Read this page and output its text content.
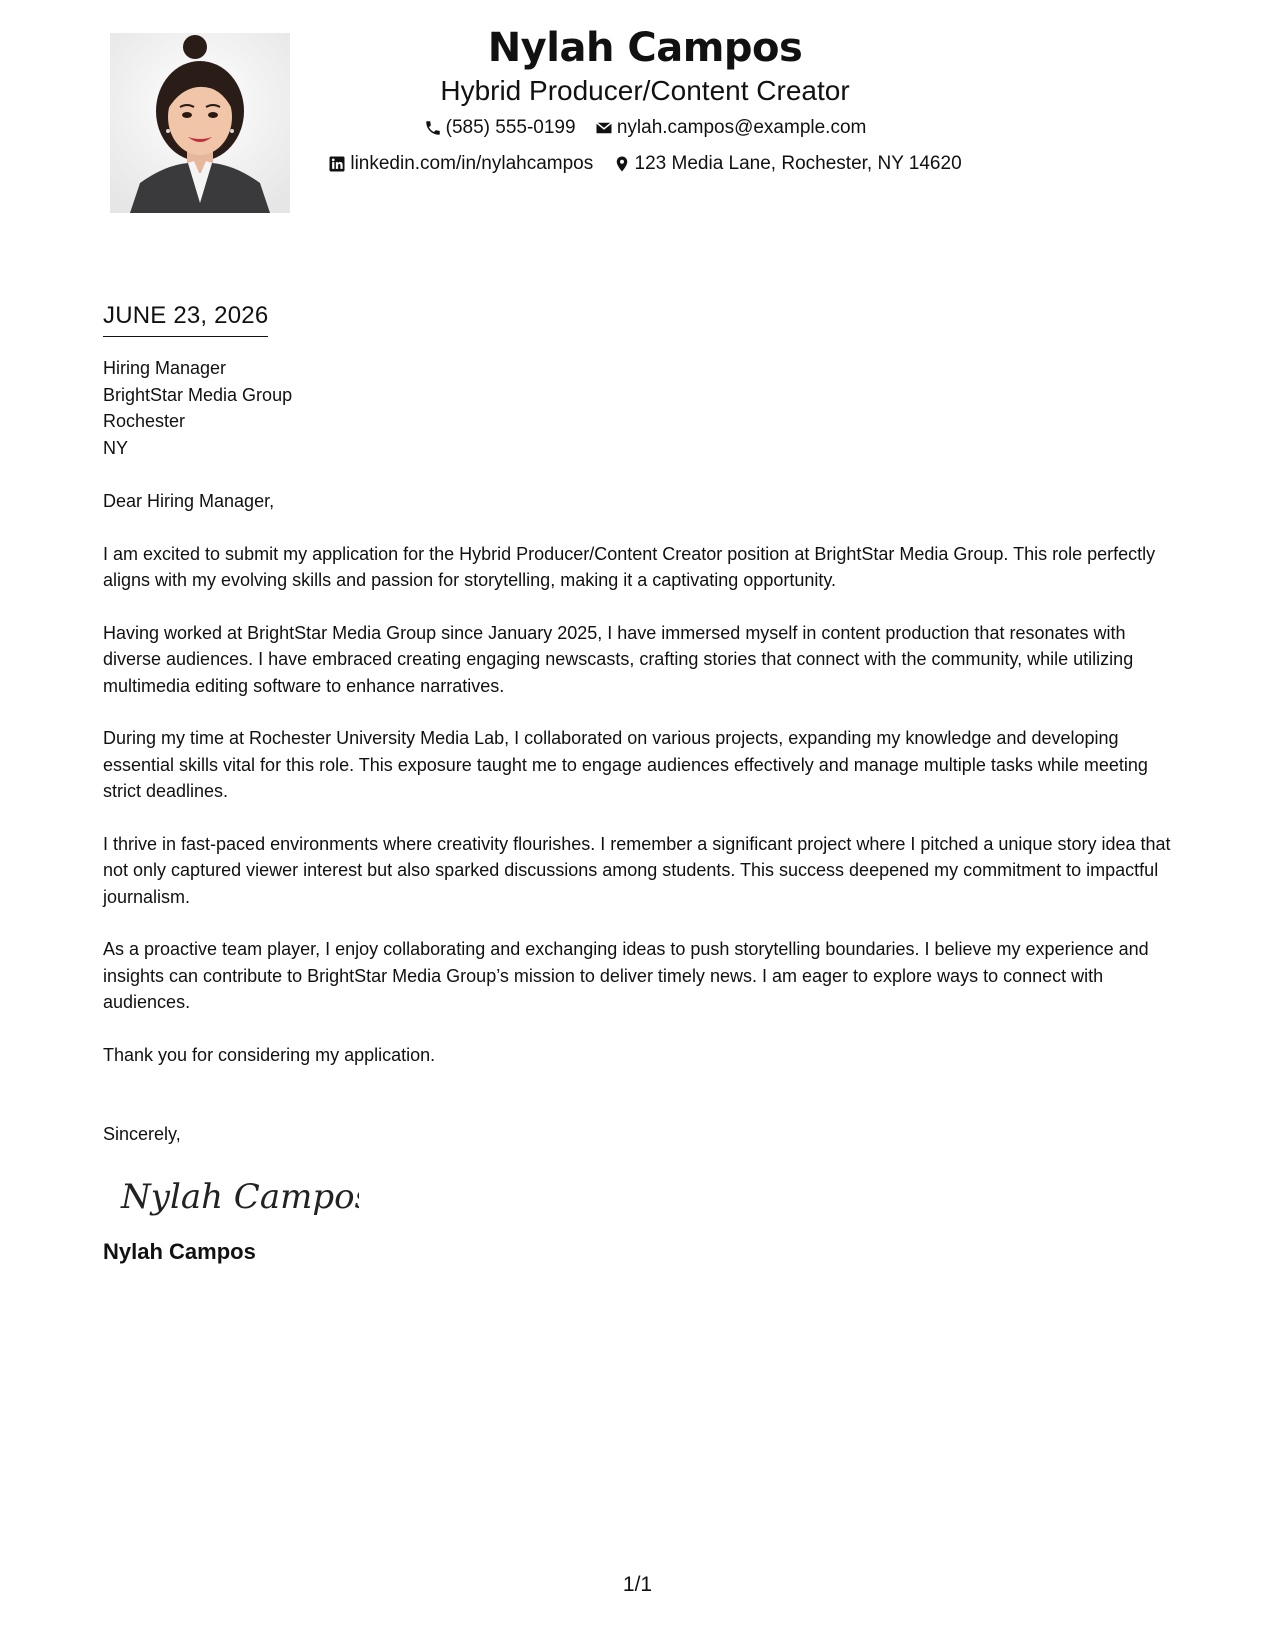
Nylah Campos
Hybrid Producer/Content Creator
(585) 555-0199
nylah.campos@example.com
linkedin.com/in/nylahcampos
123 Media Lane, Rochester, NY 14620
JUNE 23, 2026
Hiring Manager
BrightStar Media Group
Rochester
NY
Dear Hiring Manager,
I am excited to submit my application for the Hybrid Producer/Content Creator position at BrightStar Media Group. This role perfectly aligns with my evolving skills and passion for storytelling, making it a captivating opportunity.
Having worked at BrightStar Media Group since January 2025, I have immersed myself in content production that resonates with diverse audiences. I have embraced creating engaging newscasts, crafting stories that connect with the community, while utilizing multimedia editing software to enhance narratives.
During my time at Rochester University Media Lab, I collaborated on various projects, expanding my knowledge and developing essential skills vital for this role. This exposure taught me to engage audiences effectively and manage multiple tasks while meeting strict deadlines.
I thrive in fast-paced environments where creativity flourishes. I remember a significant project where I pitched a unique story idea that not only captured viewer interest but also sparked discussions among students. This success deepened my commitment to impactful journalism.
As a proactive team player, I enjoy collaborating and exchanging ideas to push storytelling boundaries. I believe my experience and insights can contribute to BrightStar Media Group’s mission to deliver timely news. I am eager to explore ways to connect with audiences.
Thank you for considering my application.
Sincerely,
Nylah Campos
Nylah Campos
1/1
